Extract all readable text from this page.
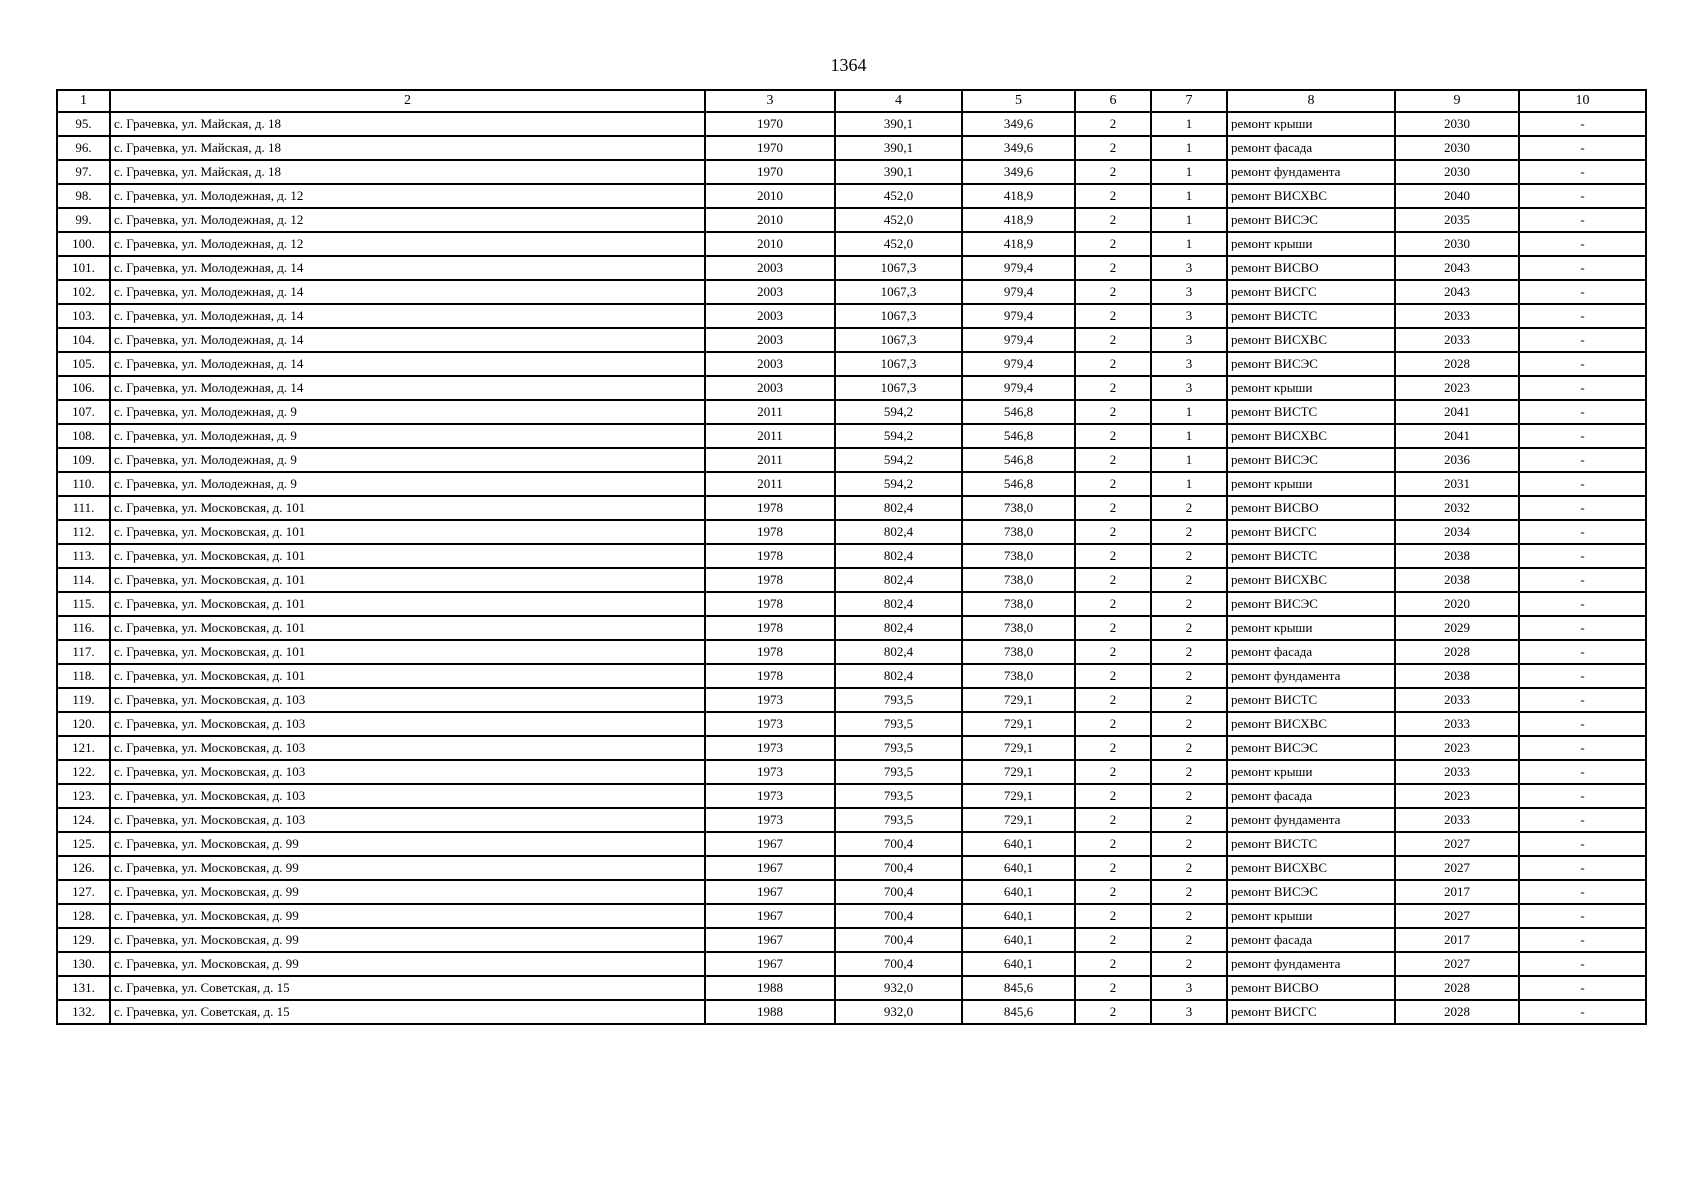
1364
1	2	3	4	5	6	7	8	9	10
95.	с. Грачевка, ул. Майская, д. 18	1970	390,1	349,6	2	1	ремонт крыши	2030	-
96.	с. Грачевка, ул. Майская, д. 18	1970	390,1	349,6	2	1	ремонт фасада	2030	-
97.	с. Грачевка, ул. Майская, д. 18	1970	390,1	349,6	2	1	ремонт фундамента	2030	-
98.	с. Грачевка, ул. Молодежная, д. 12	2010	452,0	418,9	2	1	ремонт ВИСХВС	2040	-
99.	с. Грачевка, ул. Молодежная, д. 12	2010	452,0	418,9	2	1	ремонт ВИСЭС	2035	-
100.	с. Грачевка, ул. Молодежная, д. 12	2010	452,0	418,9	2	1	ремонт крыши	2030	-
101.	с. Грачевка, ул. Молодежная, д. 14	2003	1067,3	979,4	2	3	ремонт ВИСВО	2043	-
102.	с. Грачевка, ул. Молодежная, д. 14	2003	1067,3	979,4	2	3	ремонт ВИСГС	2043	-
103.	с. Грачевка, ул. Молодежная, д. 14	2003	1067,3	979,4	2	3	ремонт ВИСТС	2033	-
104.	с. Грачевка, ул. Молодежная, д. 14	2003	1067,3	979,4	2	3	ремонт ВИСХВС	2033	-
105.	с. Грачевка, ул. Молодежная, д. 14	2003	1067,3	979,4	2	3	ремонт ВИСЭС	2028	-
106.	с. Грачевка, ул. Молодежная, д. 14	2003	1067,3	979,4	2	3	ремонт крыши	2023	-
107.	с. Грачевка, ул. Молодежная, д. 9	2011	594,2	546,8	2	1	ремонт ВИСТС	2041	-
108.	с. Грачевка, ул. Молодежная, д. 9	2011	594,2	546,8	2	1	ремонт ВИСХВС	2041	-
109.	с. Грачевка, ул. Молодежная, д. 9	2011	594,2	546,8	2	1	ремонт ВИСЭС	2036	-
110.	с. Грачевка, ул. Молодежная, д. 9	2011	594,2	546,8	2	1	ремонт крыши	2031	-
111.	с. Грачевка, ул. Московская, д. 101	1978	802,4	738,0	2	2	ремонт ВИСВО	2032	-
112.	с. Грачевка, ул. Московская, д. 101	1978	802,4	738,0	2	2	ремонт ВИСГС	2034	-
113.	с. Грачевка, ул. Московская, д. 101	1978	802,4	738,0	2	2	ремонт ВИСТС	2038	-
114.	с. Грачевка, ул. Московская, д. 101	1978	802,4	738,0	2	2	ремонт ВИСХВС	2038	-
115.	с. Грачевка, ул. Московская, д. 101	1978	802,4	738,0	2	2	ремонт ВИСЭС	2020	-
116.	с. Грачевка, ул. Московская, д. 101	1978	802,4	738,0	2	2	ремонт крыши	2029	-
117.	с. Грачевка, ул. Московская, д. 101	1978	802,4	738,0	2	2	ремонт фасада	2028	-
118.	с. Грачевка, ул. Московская, д. 101	1978	802,4	738,0	2	2	ремонт фундамента	2038	-
119.	с. Грачевка, ул. Московская, д. 103	1973	793,5	729,1	2	2	ремонт ВИСТС	2033	-
120.	с. Грачевка, ул. Московская, д. 103	1973	793,5	729,1	2	2	ремонт ВИСХВС	2033	-
121.	с. Грачевка, ул. Московская, д. 103	1973	793,5	729,1	2	2	ремонт ВИСЭС	2023	-
122.	с. Грачевка, ул. Московская, д. 103	1973	793,5	729,1	2	2	ремонт крыши	2033	-
123.	с. Грачевка, ул. Московская, д. 103	1973	793,5	729,1	2	2	ремонт фасада	2023	-
124.	с. Грачевка, ул. Московская, д. 103	1973	793,5	729,1	2	2	ремонт фундамента	2033	-
125.	с. Грачевка, ул. Московская, д. 99	1967	700,4	640,1	2	2	ремонт ВИСТС	2027	-
126.	с. Грачевка, ул. Московская, д. 99	1967	700,4	640,1	2	2	ремонт ВИСХВС	2027	-
127.	с. Грачевка, ул. Московская, д. 99	1967	700,4	640,1	2	2	ремонт ВИСЭС	2017	-
128.	с. Грачевка, ул. Московская, д. 99	1967	700,4	640,1	2	2	ремонт крыши	2027	-
129.	с. Грачевка, ул. Московская, д. 99	1967	700,4	640,1	2	2	ремонт фасада	2017	-
130.	с. Грачевка, ул. Московская, д. 99	1967	700,4	640,1	2	2	ремонт фундамента	2027	-
131.	с. Грачевка, ул. Советская, д. 15	1988	932,0	845,6	2	3	ремонт ВИСВО	2028	-
132.	с. Грачевка, ул. Советская, д. 15	1988	932,0	845,6	2	3	ремонт ВИСГС	2028	-
